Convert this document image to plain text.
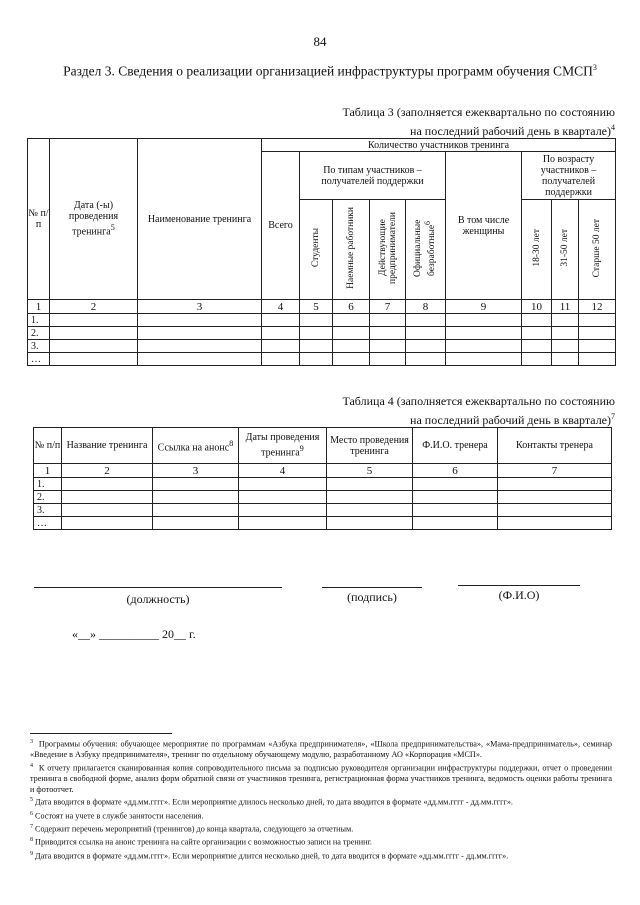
84
Раздел 3. Сведения о реализации организацией инфраструктуры программ обучения СМСП$^3$
Таблица 3 (заполняется ежеквартально по состоянию
на последний рабочий день в квартале)$^4$
№ п/ п	Дата (-ы) проведения тренинга$^5$	Наименование тренинга	Количество участников тренинга								
			Всего	По типам участников – получателей поддержки				В том числе женщины	По возрасту участников – получателей поддержки		
				Студенты	Наемные работники	Действующие предприниматели	Официальные безработные$^6$		18-30 лет	31-50 лет	Старше 50 лет
1	2	3	4	5	6	7	8	9	10	11	12
1.											
2.											
3.											
…											
Таблица 4 (заполняется ежеквартально по состоянию
на последний рабочий день в квартале)$^7$
№ п/п	Название тренинга	Ссылка на анонс$^8$	Даты проведения тренинга$^9$	Место проведения тренинга	Ф.И.О. тренера	Контакты тренера
1	2	3	4	5	6	7
1.						
2.						
3.						
…						
(должность)	(подпись)	(Ф.И.О)
«__» __________ 20__ г.

$^3$ Программы обучения: обучающее мероприятие по программам «Азбука предпринимателя», «Школа предпринимательства», «Мама-предприниматель», семинар «Введение в Азбуку предпринимателя», тренинг по отдельному обучающему модулю, разработанному АО «Корпорация «МСП».

$^4$ К отчету прилагается сканированная копия сопроводительного письма за подписью руководителя организации инфраструктуры поддержки, отчет о проведении тренинга в свободной форме, анализ форм обратной связи от участников тренинга, регистрационная форма участников тренинга, ведомость оценки работы тренинга и фотоотчет.

$^5$ Дата вводится в формате «дд.мм.гггг». Если мероприятие длилось несколько дней, то дата вводится в формате «дд.мм.гггг - дд.мм.гггг».

$^6$ Состоят на учете в службе занятости населения.

$^7$ Содержит перечень мероприятий (тренингов) до конца квартала, следующего за отчетным.

$^8$ Приводится ссылка на анонс тренинга на сайте организации с возможностью записи на тренинг.

$^9$ Дата вводится в формате «дд.мм.гггг». Если мероприятие длится несколько дней, то дата вводится в формате «дд.мм.гггг - дд.мм.гггг».
